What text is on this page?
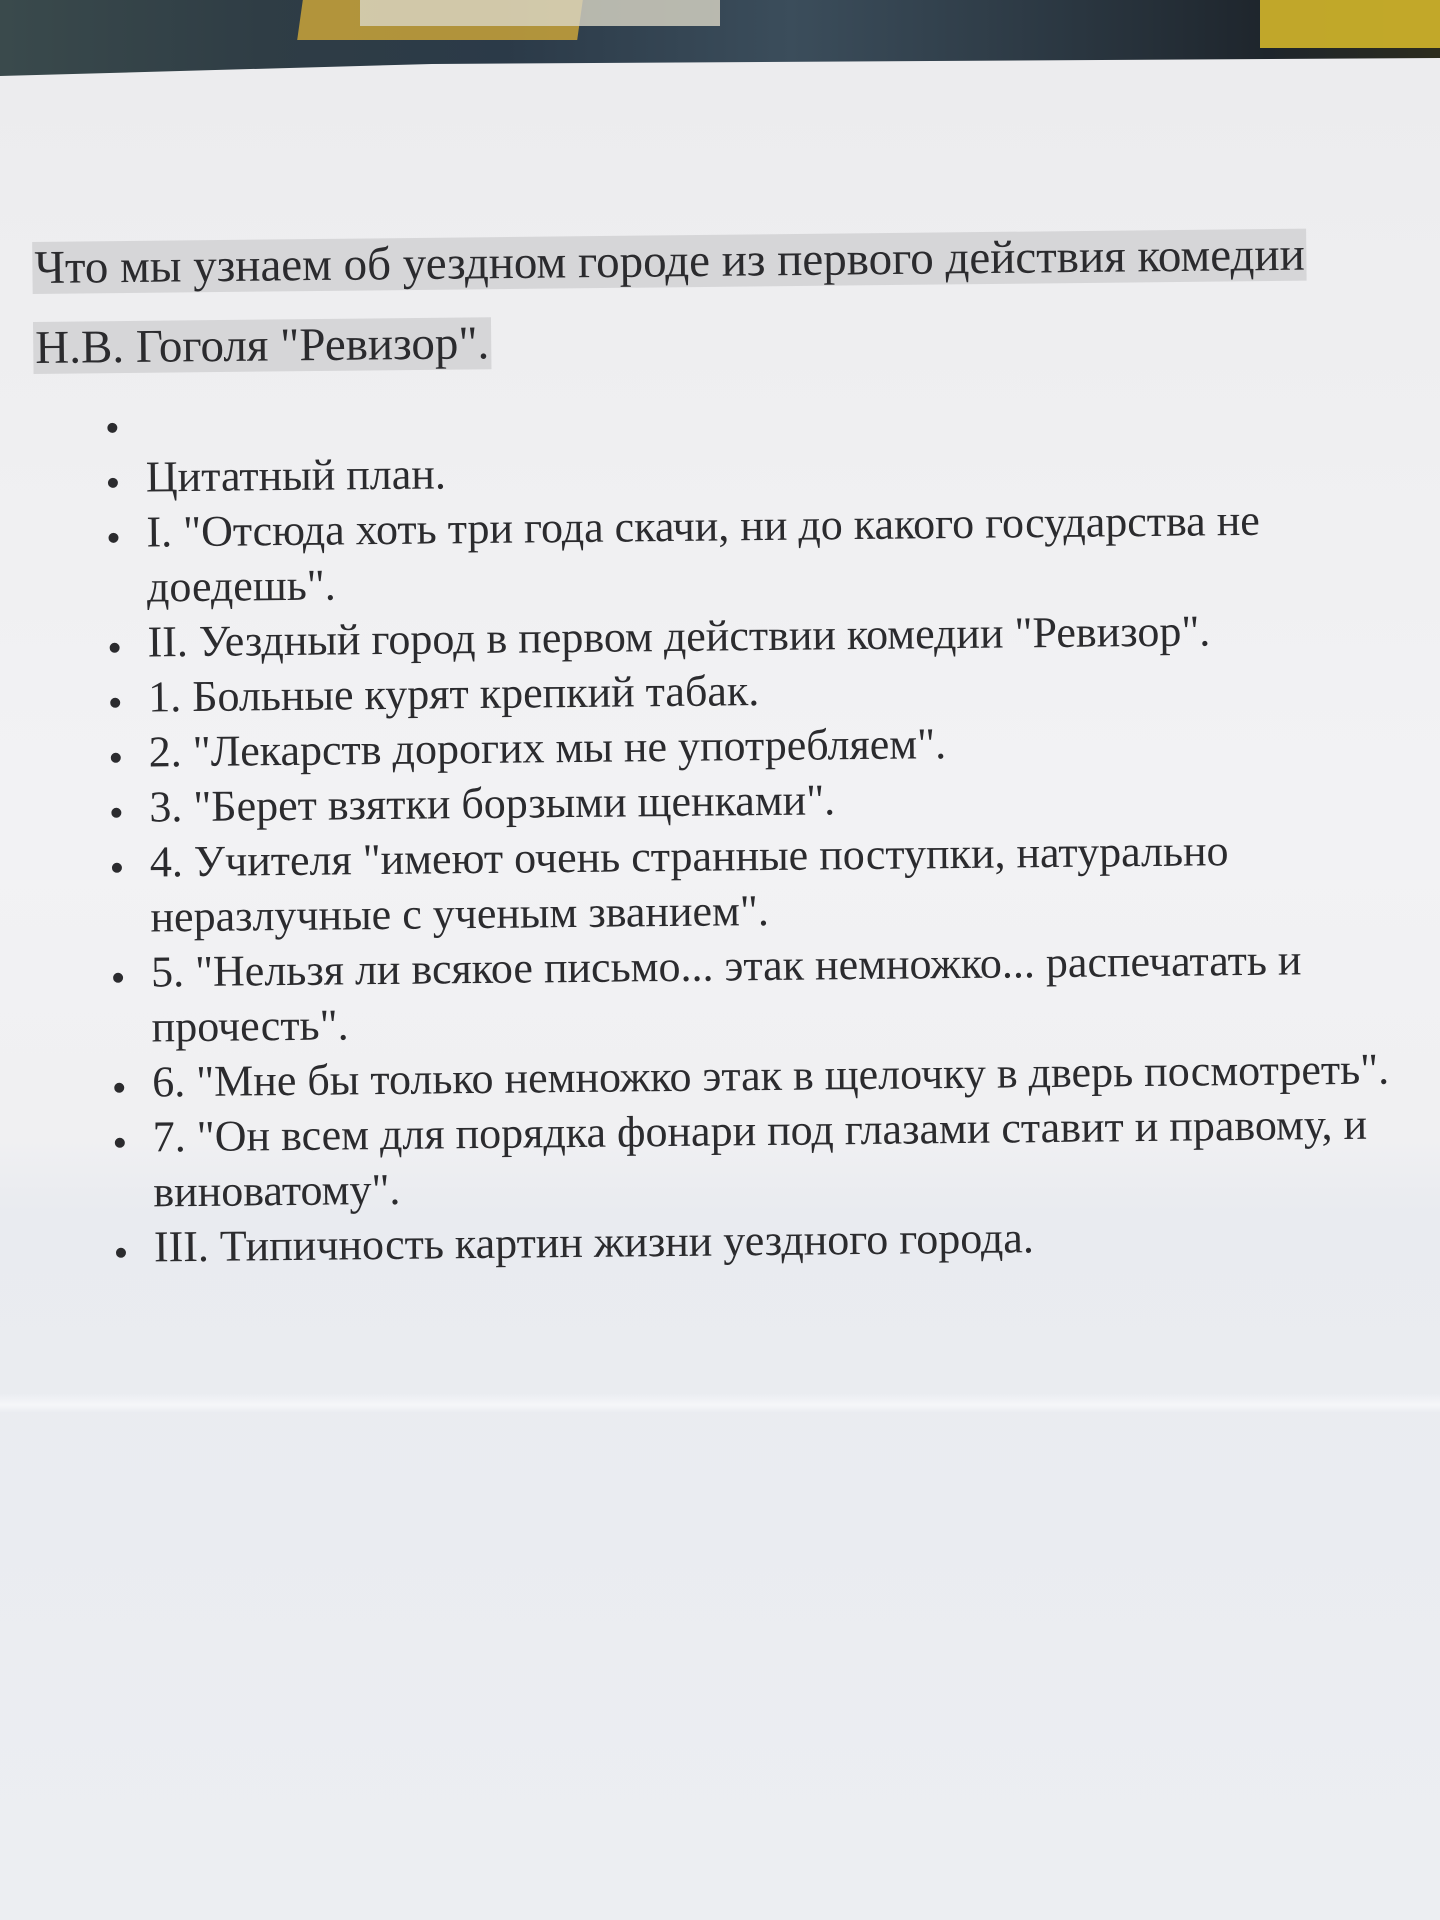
Что мы узнаем об уездном городе из первого действия комедии Н.В. Гоголя "Ревизор".
Цитатный план.
I. "Отсюда хоть три года скачи, ни до какого государства не доедешь".
II. Уездный город в первом действии комедии "Ревизор".
1. Больные курят крепкий табак.
2. "Лекарств дорогих мы не употребляем".
3. "Берет взятки борзыми щенками".
4. Учителя "имеют очень странные поступки, натурально неразлучные с ученым званием".
5. "Нельзя ли всякое письмо... этак немножко... распечатать и прочесть".
6. "Мне бы только немножко этак в щелочку в дверь посмотреть".
7. "Он всем для порядка фонари под глазами ставит и правому, и виноватому".
III. Типичность картин жизни уездного города.
